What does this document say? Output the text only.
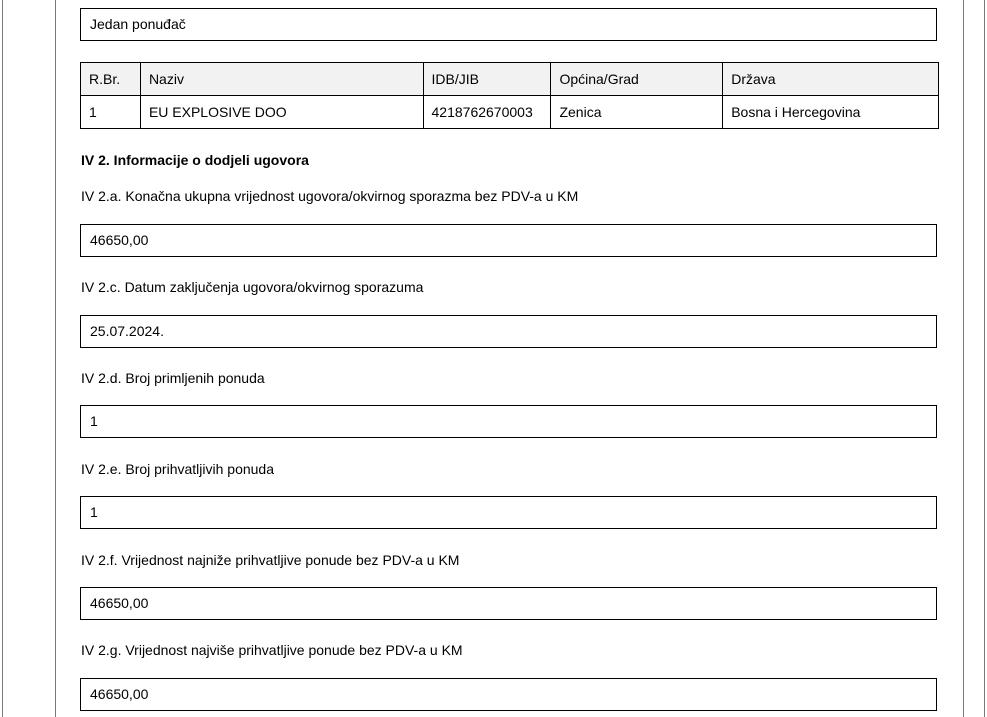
Jedan ponuđač
R.Br.	Naziv	IDB/JIB	Općina/Grad	Država
1	EU EXPLOSIVE DOO	4218762670003	Zenica	Bosna i Hercegovina
IV 2. Informacije o dodjeli ugovora
IV 2.a. Konačna ukupna vrijednost ugovora/okvirnog sporazma bez PDV-a u KM
46650,00
IV 2.c. Datum zaključenja ugovora/okvirnog sporazuma
25.07.2024.
IV 2.d. Broj primljenih ponuda
1
IV 2.e. Broj prihvatljivih ponuda
1
IV 2.f. Vrijednost najniže prihvatljive ponude bez PDV-a u KM
46650,00
IV 2.g. Vrijednost najviše prihvatljive ponude bez PDV-a u KM
46650,00
